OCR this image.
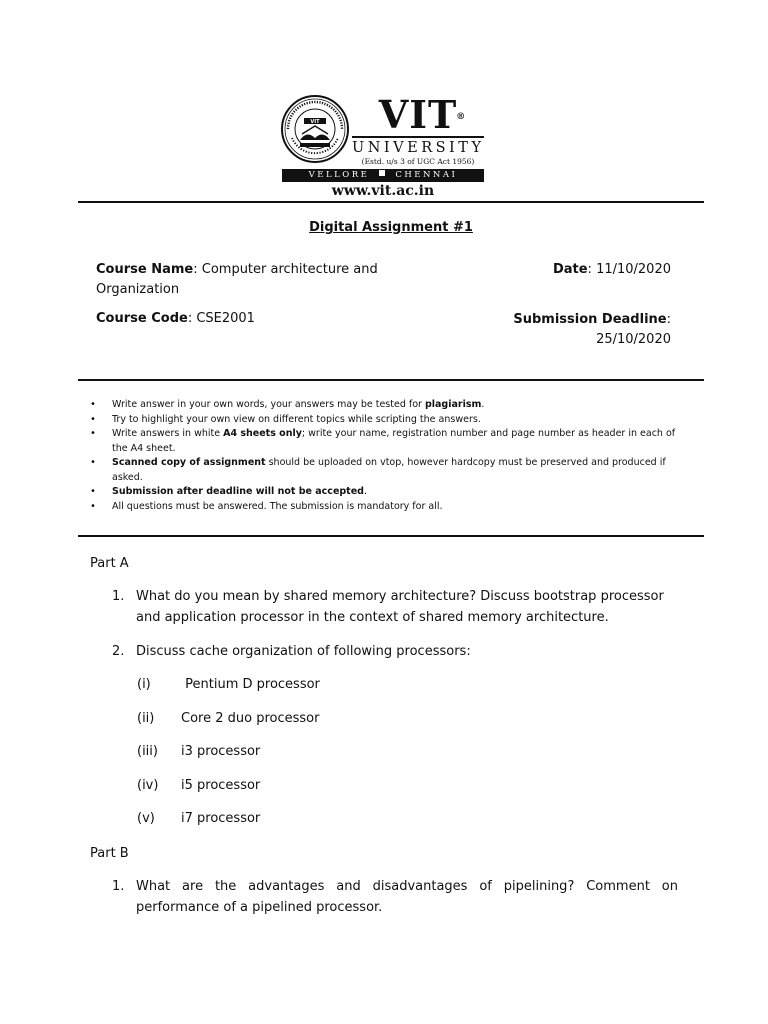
VIT	VIT ®
UNIVERSITY
(Estd. u/s 3 of UGC Act 1956)
VELLORE	CHENNAI
www.vit.ac.in
Digital Assignment #1
Course Name: Computer architecture and
Organization
Date: 11/10/2020
Course Code: CSE2001	Submission Deadline:
25/10/2020
• Write answer in your own words, your answers may be tested for plagiarism.
• Try to highlight your own view on different topics while scripting the answers.
• Write answers in white A4 sheets only; write your name, registration number and page number as header in each of the A4 sheet.
• Scanned copy of assignment should be uploaded on vtop, however hardcopy must be preserved and produced if asked.
• Submission after deadline will not be accepted.
• All questions must be answered. The submission is mandatory for all.
Part A
1. What do you mean by shared memory architecture? Discuss bootstrap processor
and application processor in the context of shared memory architecture.
2. Discuss cache organization of following processors:
(i) Pentium D processor
(ii) Core 2 duo processor
(iii) i3 processor
(iv) i5 processor
(v) i7 processor
Part B
1. What are the advantages and disadvantages of pipelining? Comment on
performance of a pipelined processor.
